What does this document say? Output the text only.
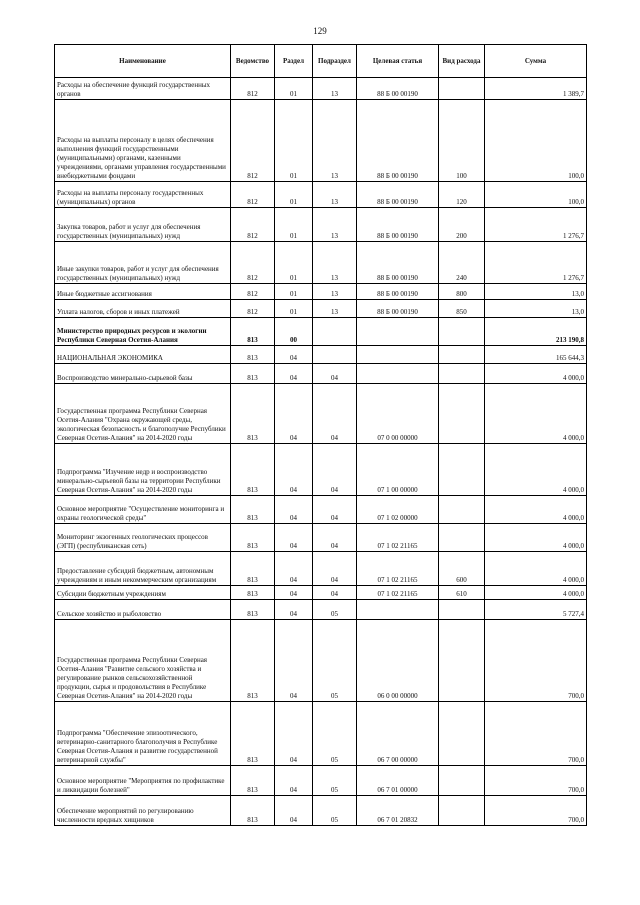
129
Наименование	Ведомство	Раздел	Подраздел	Целевая статья	Вид расхода	Сумма
Расходы на обеспечение функций государственных органов	812	01	13	88 Б 00 00190		1 389,7
Расходы на выплаты персоналу в целях обеспечения выполнения функций государственными (муниципальными) органами, казенными учреждениями, органами управления государственными внебюджетными фондами	812	01	13	88 Б 00 00190	100	100,0
Расходы на выплаты персоналу государственных (муниципальных) органов	812	01	13	88 Б 00 00190	120	100,0
Закупка товаров, работ и услуг для обеспечения государственных (муниципальных) нужд	812	01	13	88 Б 00 00190	200	1 276,7
Иные закупки товаров, работ и услуг для обеспечения государственных (муниципальных) нужд	812	01	13	88 Б 00 00190	240	1 276,7
Иные бюджетные ассигнования	812	01	13	88 Б 00 00190	800	13,0
Уплата налогов, сборов и иных платежей	812	01	13	88 Б 00 00190	850	13,0
Министерство природных ресурсов и экологии Республики Северная Осетия-Алания	813	00				213 190,8
НАЦИОНАЛЬНАЯ ЭКОНОМИКА	813	04				165 644,3
Воспроизводство минерально-сырьевой базы	813	04	04			4 000,0
Государственная программа Республики Северная Осетия-Алания "Охрана окружающей среды, экологическая безопасность и благополучие Республики Северная Осетия-Алания" на 2014-2020 годы	813	04	04	07 0 00 00000		4 000,0
Подпрограмма "Изучение недр и воспроизводство минерально-сырьевой базы на территории Республики Северная Осетия-Алания" на 2014-2020 годы	813	04	04	07 1 00 00000		4 000,0
Основное мероприятие "Осуществление мониторинга и охраны геологической среды"	813	04	04	07 1 02 00000		4 000,0
Мониторинг экзогенных геологических процессов (ЭГП) (республиканская сеть)	813	04	04	07 1 02 21165		4 000,0
Предоставление субсидий бюджетным, автономным учреждениям и иным некоммерческим организациям	813	04	04	07 1 02 21165	600	4 000,0
Субсидии бюджетным учреждениям	813	04	04	07 1 02 21165	610	4 000,0
Сельское хозяйство и рыболовство	813	04	05			5 727,4
Государственная программа Республики Северная Осетия-Алания "Развитие сельского хозяйства и регулирование рынков сельскохозяйственной продукции, сырья и продовольствия в Республике Северная Осетия-Алания" на 2014-2020 годы	813	04	05	06 0 00 00000		700,0
Подпрограмма "Обеспечение эпизоотического, ветеринарно-санитарного благополучия в Республике Северная Осетия-Алания и развитие государственной ветеринарной службы"	813	04	05	06 7 00 00000		700,0
Основное мероприятие "Мероприятия по профилактике и ликвидации болезней"	813	04	05	06 7 01 00000		700,0
Обеспечение мероприятий по регулированию численности вредных хищников	813	04	05	06 7 01 20832		700,0
